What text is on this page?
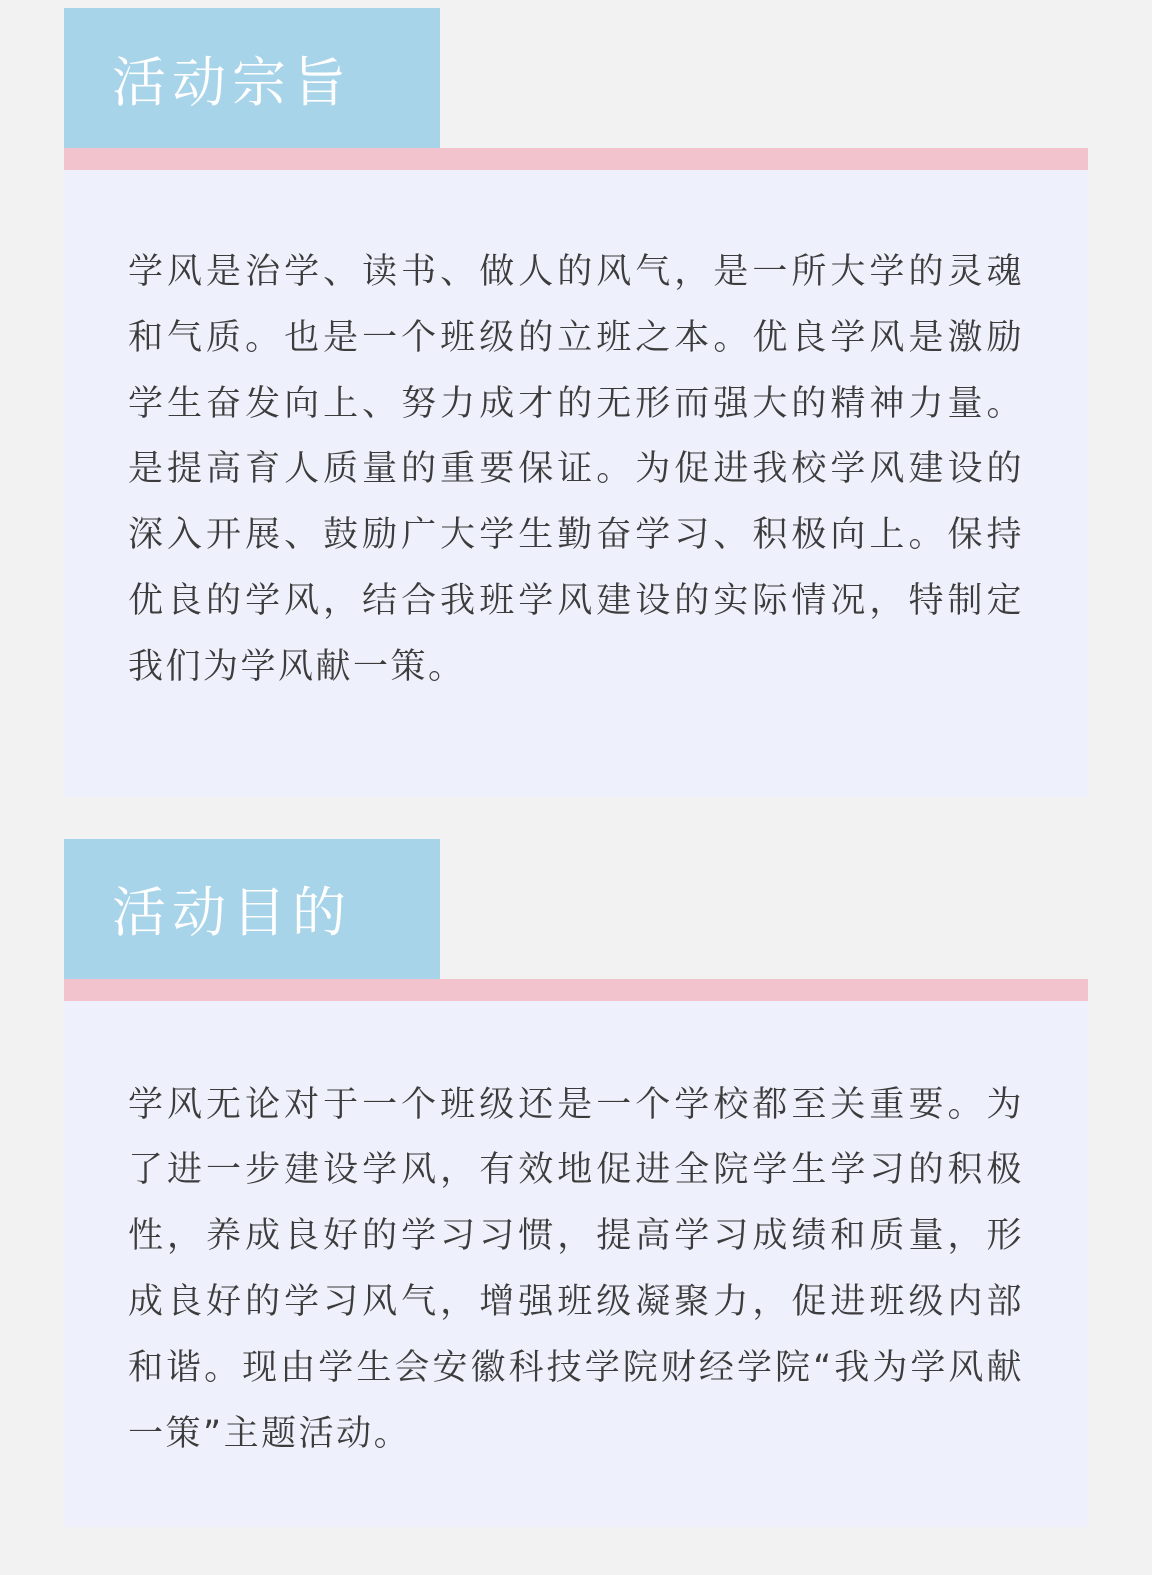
活动宗旨
学风是治学、读书、做人的风气，是一所大学的灵魂和气质。也是一个班级的立班之本。优良学风是激励学生奋发向上、努力成才的无形而强大的精神力量。是提高育人质量的重要保证。为促进我校学风建设的深入开展、鼓励广大学生勤奋学习、积极向上。保持优良的学风，结合我班学风建设的实际情况，特制定我们为学风献一策。
活动目的
学风无论对于一个班级还是一个学校都至关重要。为了进一步建设学风，有效地促进全院学生学习的积极性，养成良好的学习习惯，提高学习成绩和质量，形成良好的学习风气，增强班级凝聚力，促进班级内部和谐。现由学生会安徽科技学院财经学院“我为学风献一策”主题活动。
